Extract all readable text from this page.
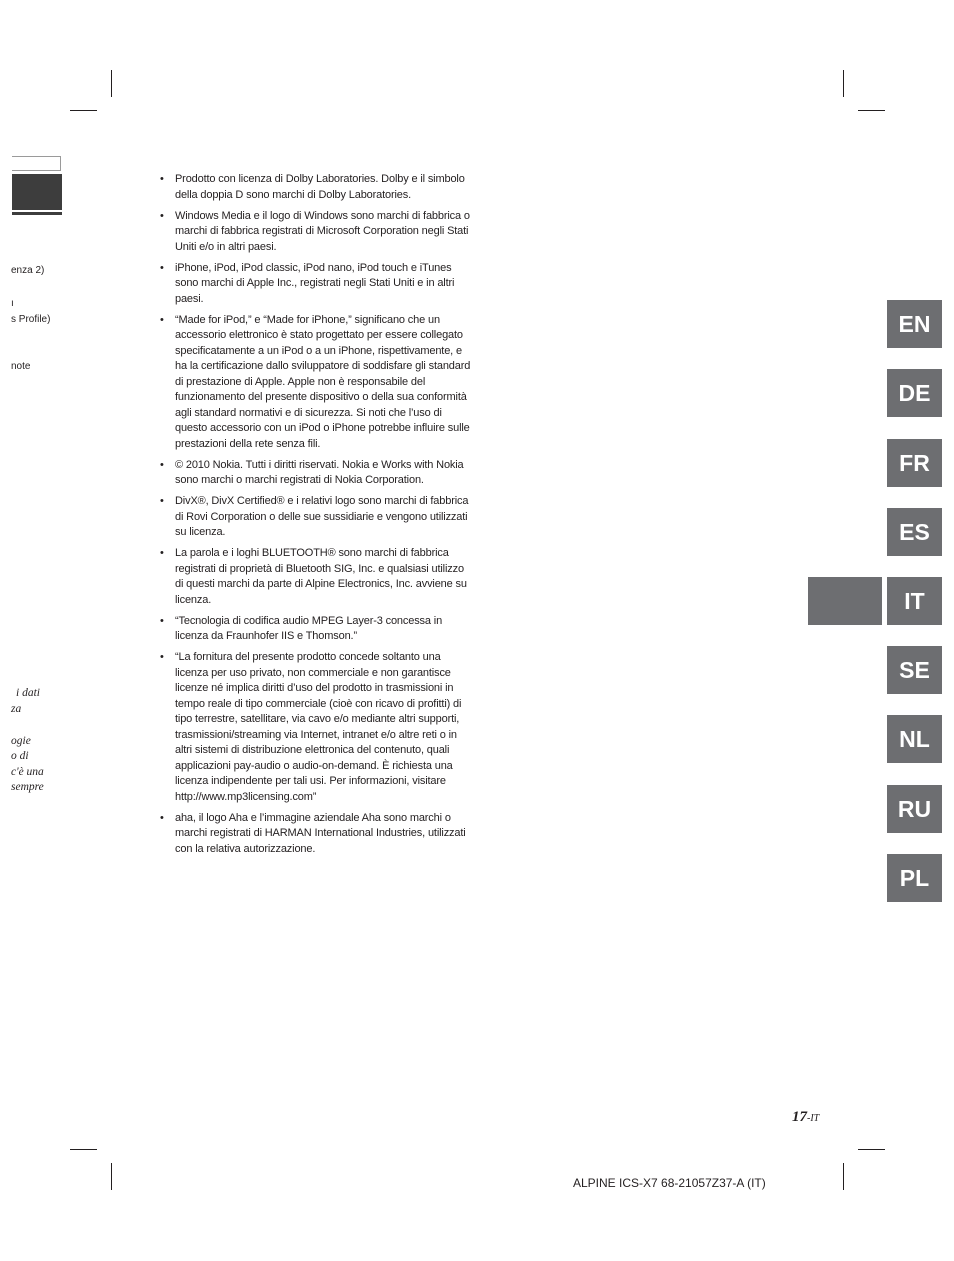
enza 2)
ı
s Profile)
note
i dati
za
ogie
o di
c'è una
sempre
• Prodotto con licenza di Dolby Laboratories. Dolby e il simbolo della doppia D sono marchi di Dolby Laboratories.
• Windows Media e il logo di Windows sono marchi di fabbrica o marchi di fabbrica registrati di Microsoft Corporation negli Stati Uniti e/o in altri paesi.
• iPhone, iPod, iPod classic, iPod nano, iPod touch e iTunes sono marchi di Apple Inc., registrati negli Stati Uniti e in altri paesi.
• “Made for iPod,” e “Made for iPhone,” significano che un accessorio elettronico è stato progettato per essere collegato specificatamente a un iPod o a un iPhone, rispettivamente, e ha la certificazione dallo sviluppatore di soddisfare gli standard di prestazione di Apple. Apple non è responsabile del funzionamento del presente dispositivo o della sua conformità agli standard normativi e di sicurezza. Si noti che l’uso di questo accessorio con un iPod o iPhone potrebbe influire sulle prestazioni della rete senza fili.
• © 2010 Nokia. Tutti i diritti riservati. Nokia e Works with Nokia sono marchi o marchi registrati di Nokia Corporation.
• DivX®, DivX Certified® e i relativi logo sono marchi di fabbrica di Rovi Corporation o delle sue sussidiarie e vengono utilizzati su licenza.
• La parola e i loghi BLUETOOTH® sono marchi di fabbrica registrati di proprietà di Bluetooth SIG, Inc. e qualsiasi utilizzo di questi marchi da parte di Alpine Electronics, Inc. avviene su licenza.
• “Tecnologia di codifica audio MPEG Layer-3 concessa in licenza da Fraunhofer IIS e Thomson.”
• “La fornitura del presente prodotto concede soltanto una licenza per uso privato, non commerciale e non garantisce licenze né implica diritti d’uso del prodotto in trasmissioni in tempo reale di tipo commerciale (cioè con ricavo di profitti) di tipo terrestre, satellitare, via cavo e/o mediante altri supporti, trasmissioni/streaming via Internet, intranet e/o altre reti o in altri sistemi di distribuzione elettronica del contenuto, quali applicazioni pay-audio o audio-on-demand. È richiesta una licenza indipendente per tali usi. Per informazioni, visitare http://www.mp3licensing.com”
• aha, il logo Aha e l’immagine aziendale Aha sono marchi o marchi registrati di HARMAN International Industries, utilizzati con la relativa autorizzazione.
EN
DE
FR
ES
IT
SE
NL
RU
PL
17-IT
ALPINE ICS-X7 68-21057Z37-A (IT)
